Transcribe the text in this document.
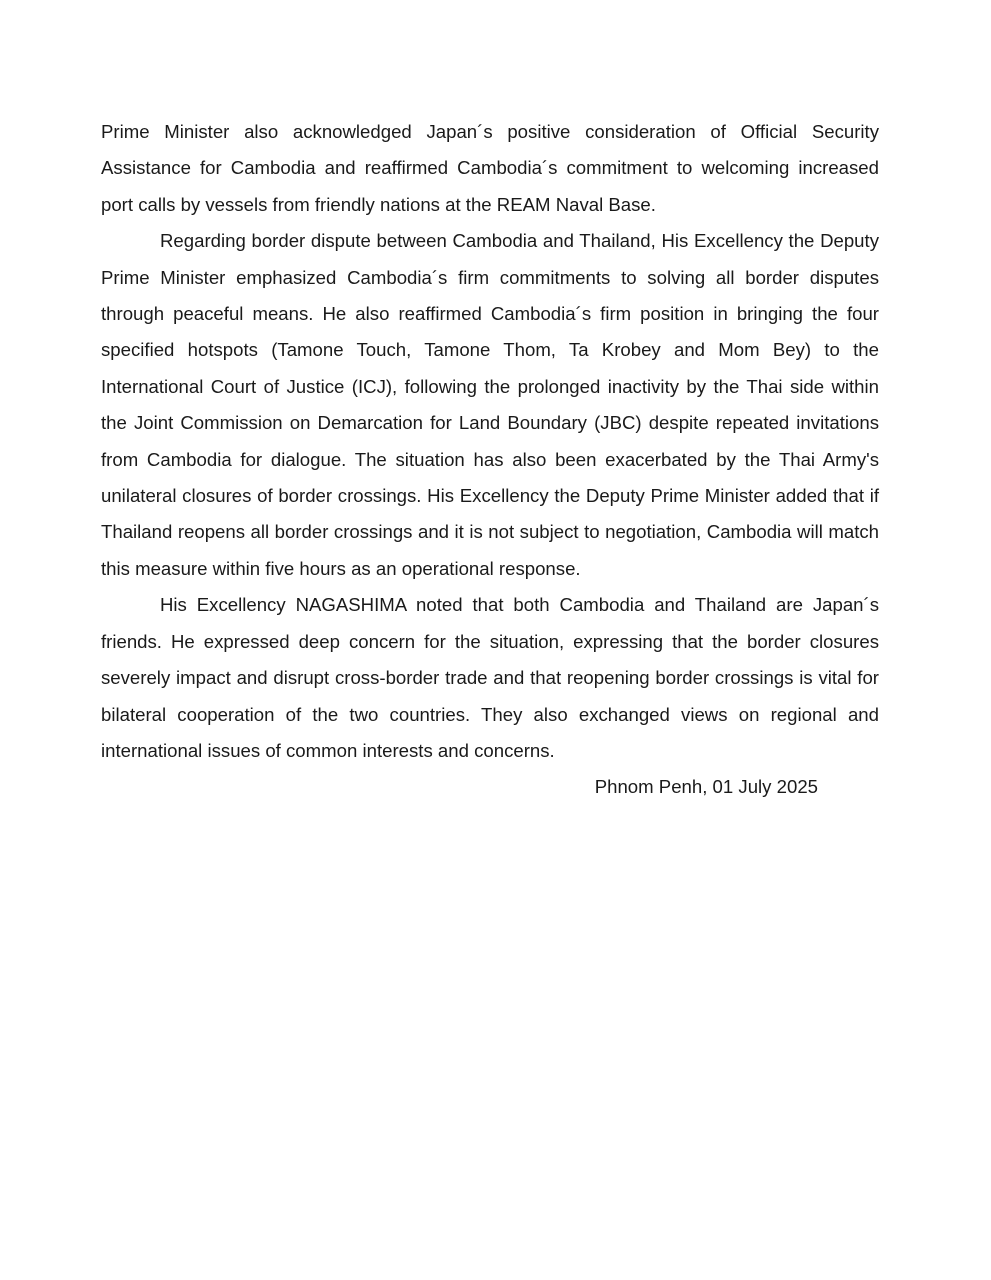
Prime Minister also acknowledged Japan´s positive consideration of Official Security Assistance for Cambodia and reaffirmed Cambodia´s commitment to welcoming increased port calls by vessels from friendly nations at the REAM Naval Base.

Regarding border dispute between Cambodia and Thailand, His Excellency the Deputy Prime Minister emphasized Cambodia´s firm commitments to solving all border disputes through peaceful means. He also reaffirmed Cambodia´s firm position in bringing the four specified hotspots (Tamone Touch, Tamone Thom, Ta Krobey and Mom Bey) to the International Court of Justice (ICJ), following the prolonged inactivity by the Thai side within the Joint Commission on Demarcation for Land Boundary (JBC) despite repeated invitations from Cambodia for dialogue. The situation has also been exacerbated by the Thai Army's unilateral closures of border crossings. His Excellency the Deputy Prime Minister added that if Thailand reopens all border crossings and it is not subject to negotiation, Cambodia will match this measure within five hours as an operational response.

His Excellency NAGASHIMA noted that both Cambodia and Thailand are Japan´s friends. He expressed deep concern for the situation, expressing that the border closures severely impact and disrupt cross-border trade and that reopening border crossings is vital for bilateral cooperation of the two countries. They also exchanged views on regional and international issues of common interests and concerns.

Phnom Penh, 01 July 2025
